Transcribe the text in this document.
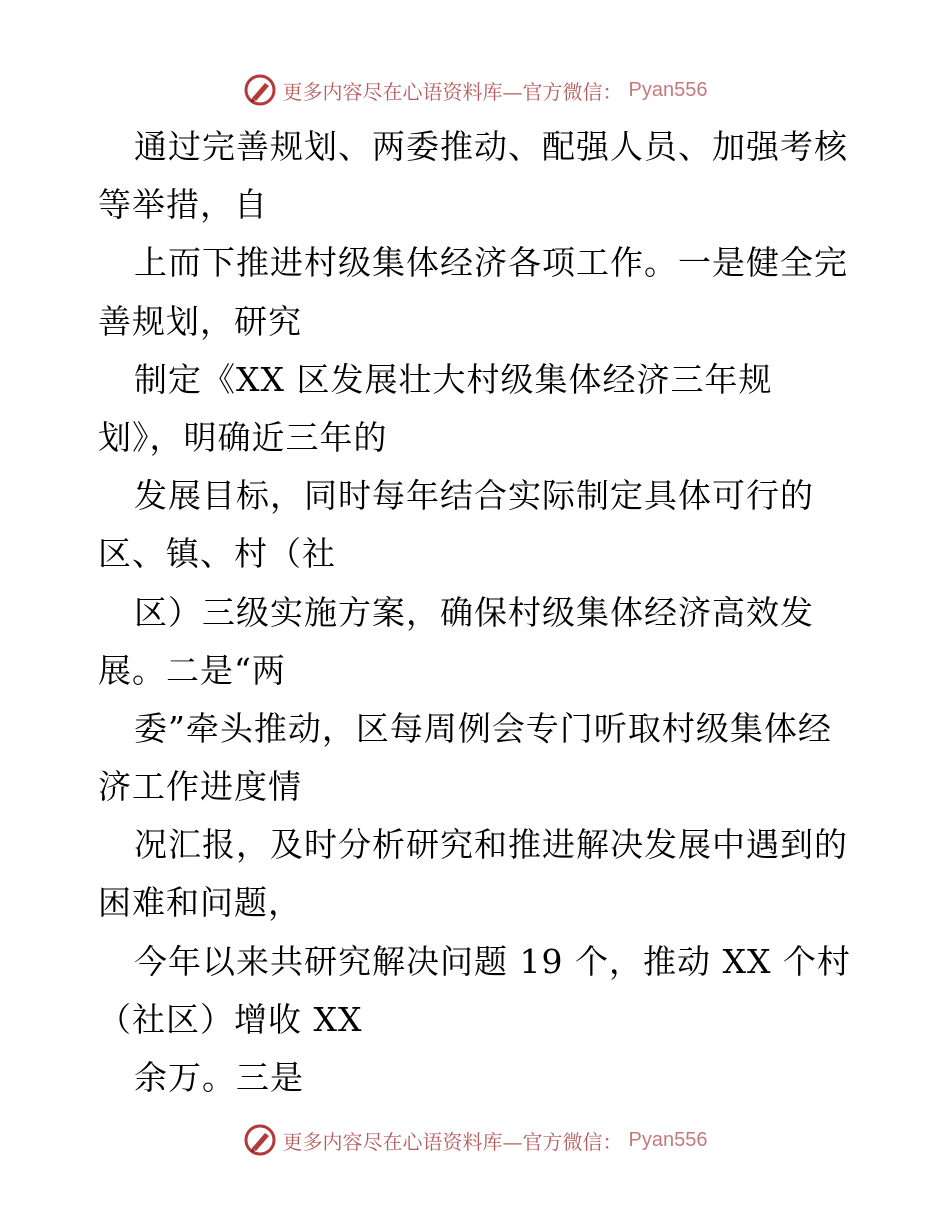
更多内容尽在心语资料库—官方微信： Pyan556
通过完善规划、两委推动、配强人员、加强考核
等举措，自
上而下推进村级集体经济各项工作。一是健全完
善规划，研究
制定《XX 区发展壮大村级集体经济三年规
划》，明确近三年的
发展目标，同时每年结合实际制定具体可行的
区、镇、村（社
区）三级实施方案，确保村级集体经济高效发
展。二是“两
委”牵头推动，区每周例会专门听取村级集体经
济工作进度情
况汇报，及时分析研究和推进解决发展中遇到的
困难和问题，
今年以来共研究解决问题 19 个，推动 XX 个村
（社区）增收 XX
余万。三是
更多内容尽在心语资料库—官方微信： Pyan556
